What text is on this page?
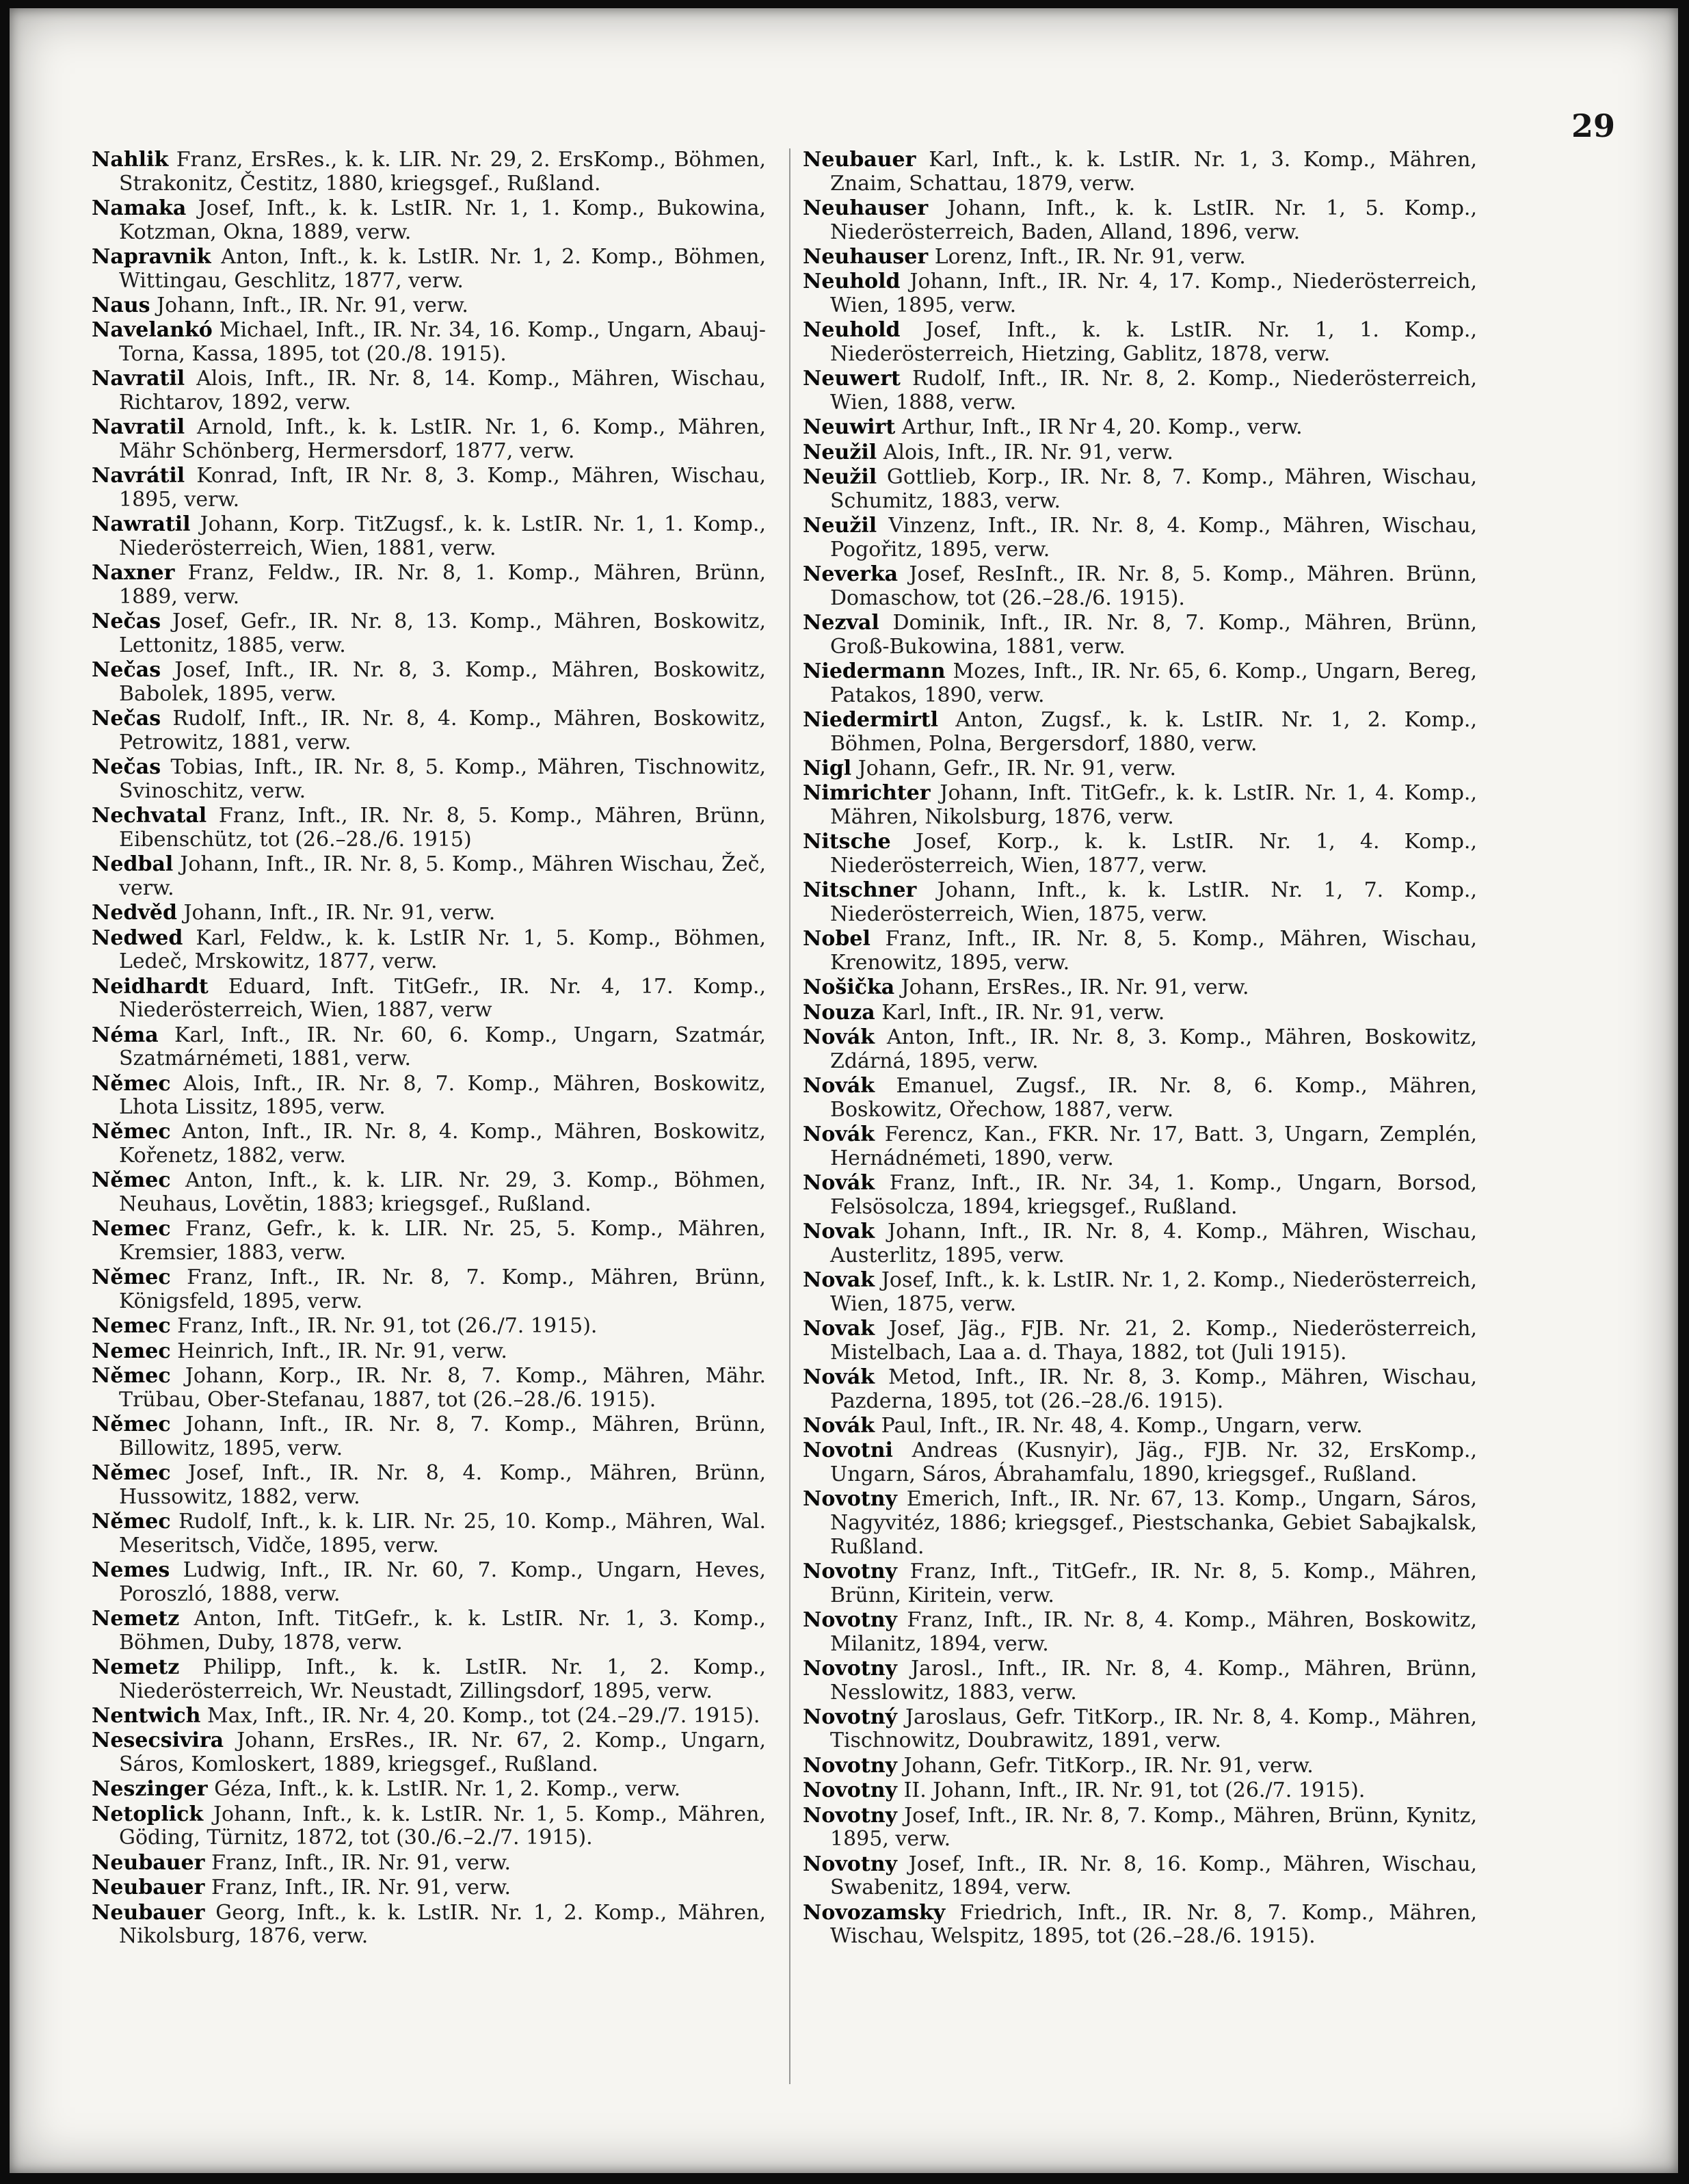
29

Nahlik Franz, ErsRes., k. k. LIR. Nr. 29, 2. ErsKomp., Böhmen, Strakonitz, Čestitz, 1880, kriegsgef., Rußland.

Namaka Josef, Inft., k. k. LstIR. Nr. 1, 1. Komp., Bukowina, Kotzman, Okna, 1889, verw.

Napravnik Anton, Inft., k. k. LstIR. Nr. 1, 2. Komp., Böhmen, Wittingau, Geschlitz, 1877, verw.

Naus Johann, Inft., IR. Nr. 91, verw.

Navelankó Michael, Inft., IR. Nr. 34, 16. Komp., Ungarn, Abauj-Torna, Kassa, 1895, tot (20./8. 1915).

Navratil Alois, Inft., IR. Nr. 8, 14. Komp., Mähren, Wischau, Richtarov, 1892, verw.

Navratil Arnold, Inft., k. k. LstIR. Nr. 1, 6. Komp., Mähren, Mähr Schönberg, Hermersdorf, 1877, verw.

Navrátil Konrad, Inft, IR Nr. 8, 3. Komp., Mähren, Wischau, 1895, verw.

Nawratil Johann, Korp. TitZugsf., k. k. LstIR. Nr. 1, 1. Komp., Niederösterreich, Wien, 1881, verw.

Naxner Franz, Feldw., IR. Nr. 8, 1. Komp., Mähren, Brünn, 1889, verw.

Nečas Josef, Gefr., IR. Nr. 8, 13. Komp., Mähren, Boskowitz, Lettonitz, 1885, verw.

Nečas Josef, Inft., IR. Nr. 8, 3. Komp., Mähren, Boskowitz, Babolek, 1895, verw.

Nečas Rudolf, Inft., IR. Nr. 8, 4. Komp., Mähren, Boskowitz, Petrowitz, 1881, verw.

Nečas Tobias, Inft., IR. Nr. 8, 5. Komp., Mähren, Tischnowitz, Svinoschitz, verw.

Nechvatal Franz, Inft., IR. Nr. 8, 5. Komp., Mähren, Brünn, Eibenschütz, tot (26.–28./6. 1915)

Nedbal Johann, Inft., IR. Nr. 8, 5. Komp., Mähren Wischau, Žeč, verw.

Nedvěd Johann, Inft., IR. Nr. 91, verw.

Nedwed Karl, Feldw., k. k. LstIR Nr. 1, 5. Komp., Böhmen, Ledeč, Mrskowitz, 1877, verw.

Neidhardt Eduard, Inft. TitGefr., IR. Nr. 4, 17. Komp., Niederösterreich, Wien, 1887, verw

Néma Karl, Inft., IR. Nr. 60, 6. Komp., Ungarn, Szatmár, Szatmárnémeti, 1881, verw.

Němec Alois, Inft., IR. Nr. 8, 7. Komp., Mähren, Boskowitz, Lhota Lissitz, 1895, verw.

Němec Anton, Inft., IR. Nr. 8, 4. Komp., Mähren, Boskowitz, Kořenetz, 1882, verw.

Němec Anton, Inft., k. k. LIR. Nr. 29, 3. Komp., Böhmen, Neuhaus, Lovětin, 1883; kriegsgef., Rußland.

Nemec Franz, Gefr., k. k. LIR. Nr. 25, 5. Komp., Mähren, Kremsier, 1883, verw.

Němec Franz, Inft., IR. Nr. 8, 7. Komp., Mähren, Brünn, Königsfeld, 1895, verw.

Nemec Franz, Inft., IR. Nr. 91, tot (26./7. 1915).

Nemec Heinrich, Inft., IR. Nr. 91, verw.

Němec Johann, Korp., IR. Nr. 8, 7. Komp., Mähren, Mähr. Trübau, Ober-Stefanau, 1887, tot (26.–28./6. 1915).

Němec Johann, Inft., IR. Nr. 8, 7. Komp., Mähren, Brünn, Billowitz, 1895, verw.

Němec Josef, Inft., IR. Nr. 8, 4. Komp., Mähren, Brünn, Hussowitz, 1882, verw.

Němec Rudolf, Inft., k. k. LIR. Nr. 25, 10. Komp., Mähren, Wal. Meseritsch, Vidče, 1895, verw.

Nemes Ludwig, Inft., IR. Nr. 60, 7. Komp., Ungarn, Heves, Poroszló, 1888, verw.

Nemetz Anton, Inft. TitGefr., k. k. LstIR. Nr. 1, 3. Komp., Böhmen, Duby, 1878, verw.

Nemetz Philipp, Inft., k. k. LstIR. Nr. 1, 2. Komp., Niederösterreich, Wr. Neustadt, Zillingsdorf, 1895, verw.

Nentwich Max, Inft., IR. Nr. 4, 20. Komp., tot (24.–29./7. 1915).

Nesecsivira Johann, ErsRes., IR. Nr. 67, 2. Komp., Ungarn, Sáros, Komloskert, 1889, kriegsgef., Rußland.

Neszinger Géza, Inft., k. k. LstIR. Nr. 1, 2. Komp., verw.

Netoplick Johann, Inft., k. k. LstIR. Nr. 1, 5. Komp., Mähren, Göding, Türnitz, 1872, tot (30./6.–2./7. 1915).

Neubauer Franz, Inft., IR. Nr. 91, verw.

Neubauer Franz, Inft., IR. Nr. 91, verw.

Neubauer Georg, Inft., k. k. LstIR. Nr. 1, 2. Komp., Mähren, Nikolsburg, 1876, verw.

Neubauer Karl, Inft., k. k. LstIR. Nr. 1, 3. Komp., Mähren, Znaim, Schattau, 1879, verw.

Neuhauser Johann, Inft., k. k. LstIR. Nr. 1, 5. Komp., Niederösterreich, Baden, Alland, 1896, verw.

Neuhauser Lorenz, Inft., IR. Nr. 91, verw.

Neuhold Johann, Inft., IR. Nr. 4, 17. Komp., Niederösterreich, Wien, 1895, verw.

Neuhold Josef, Inft., k. k. LstIR. Nr. 1, 1. Komp., Niederösterreich, Hietzing, Gablitz, 1878, verw.

Neuwert Rudolf, Inft., IR. Nr. 8, 2. Komp., Niederösterreich, Wien, 1888, verw.

Neuwirt Arthur, Inft., IR Nr 4, 20. Komp., verw.

Neužil Alois, Inft., IR. Nr. 91, verw.

Neužil Gottlieb, Korp., IR. Nr. 8, 7. Komp., Mähren, Wischau, Schumitz, 1883, verw.

Neužil Vinzenz, Inft., IR. Nr. 8, 4. Komp., Mähren, Wischau, Pogořitz, 1895, verw.

Neverka Josef, ResInft., IR. Nr. 8, 5. Komp., Mähren. Brünn, Domaschow, tot (26.–28./6. 1915).

Nezval Dominik, Inft., IR. Nr. 8, 7. Komp., Mähren, Brünn, Groß-Bukowina, 1881, verw.

Niedermann Mozes, Inft., IR. Nr. 65, 6. Komp., Ungarn, Bereg, Patakos, 1890, verw.

Niedermirtl Anton, Zugsf., k. k. LstIR. Nr. 1, 2. Komp., Böhmen, Polna, Bergersdorf, 1880, verw.

Nigl Johann, Gefr., IR. Nr. 91, verw.

Nimrichter Johann, Inft. TitGefr., k. k. LstIR. Nr. 1, 4. Komp., Mähren, Nikolsburg, 1876, verw.

Nitsche Josef, Korp., k. k. LstIR. Nr. 1, 4. Komp., Niederösterreich, Wien, 1877, verw.

Nitschner Johann, Inft., k. k. LstIR. Nr. 1, 7. Komp., Niederösterreich, Wien, 1875, verw.

Nobel Franz, Inft., IR. Nr. 8, 5. Komp., Mähren, Wischau, Krenowitz, 1895, verw.

Nošička Johann, ErsRes., IR. Nr. 91, verw.

Nouza Karl, Inft., IR. Nr. 91, verw.

Novák Anton, Inft., IR. Nr. 8, 3. Komp., Mähren, Boskowitz, Zdárná, 1895, verw.

Novák Emanuel, Zugsf., IR. Nr. 8, 6. Komp., Mähren, Boskowitz, Ořechow, 1887, verw.

Novák Ferencz, Kan., FKR. Nr. 17, Batt. 3, Ungarn, Zemplén, Hernádnémeti, 1890, verw.

Novák Franz, Inft., IR. Nr. 34, 1. Komp., Ungarn, Borsod, Felsösolcza, 1894, kriegsgef., Rußland.

Novak Johann, Inft., IR. Nr. 8, 4. Komp., Mähren, Wischau, Austerlitz, 1895, verw.

Novak Josef, Inft., k. k. LstIR. Nr. 1, 2. Komp., Niederösterreich, Wien, 1875, verw.

Novak Josef, Jäg., FJB. Nr. 21, 2. Komp., Niederösterreich, Mistelbach, Laa a. d. Thaya, 1882, tot (Juli 1915).

Novák Metod, Inft., IR. Nr. 8, 3. Komp., Mähren, Wischau, Pazderna, 1895, tot (26.–28./6. 1915).

Novák Paul, Inft., IR. Nr. 48, 4. Komp., Ungarn, verw.

Novotni Andreas (Kusnyir), Jäg., FJB. Nr. 32, ErsKomp., Ungarn, Sáros, Ábrahamfalu, 1890, kriegsgef., Rußland.

Novotny Emerich, Inft., IR. Nr. 67, 13. Komp., Ungarn, Sáros, Nagyvitéz, 1886; kriegsgef., Piestschanka, Gebiet Sabajkalsk, Rußland.

Novotny Franz, Inft., TitGefr., IR. Nr. 8, 5. Komp., Mähren, Brünn, Kiritein, verw.

Novotny Franz, Inft., IR. Nr. 8, 4. Komp., Mähren, Boskowitz, Milanitz, 1894, verw.

Novotny Jarosl., Inft., IR. Nr. 8, 4. Komp., Mähren, Brünn, Nesslowitz, 1883, verw.

Novotný Jaroslaus, Gefr. TitKorp., IR. Nr. 8, 4. Komp., Mähren, Tischnowitz, Doubrawitz, 1891, verw.

Novotny Johann, Gefr. TitKorp., IR. Nr. 91, verw.

Novotny II. Johann, Inft., IR. Nr. 91, tot (26./7. 1915).

Novotny Josef, Inft., IR. Nr. 8, 7. Komp., Mähren, Brünn, Kynitz, 1895, verw.

Novotny Josef, Inft., IR. Nr. 8, 16. Komp., Mähren, Wischau, Swabenitz, 1894, verw.

Novozamsky Friedrich, Inft., IR. Nr. 8, 7. Komp., Mähren, Wischau, Welspitz, 1895, tot (26.–28./6. 1915).
